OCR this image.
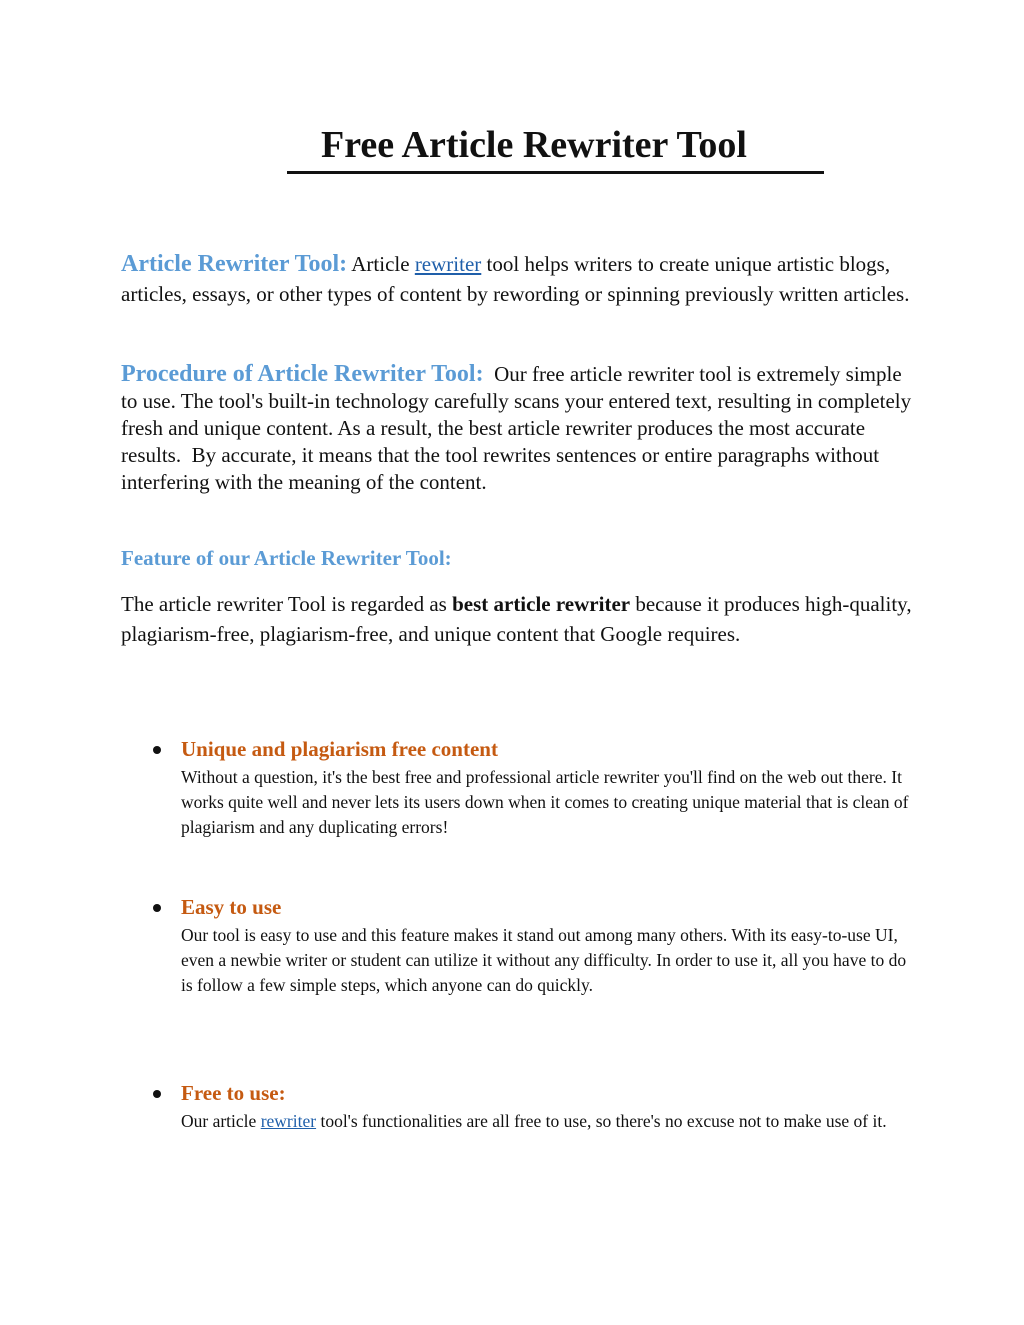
Free Article Rewriter Tool

Article Rewriter Tool: Article rewriter tool helps writers to create unique artistic blogs, articles, essays, or other types of content by rewording or spinning previously written articles.

Procedure of Article Rewriter Tool:  Our free article rewriter tool is extremely simple to use. The tool's built-in technology carefully scans your entered text, resulting in completely fresh and unique content. As a result, the best article rewriter produces the most accurate results.  By accurate, it means that the tool rewrites sentences or entire paragraphs without interfering with the meaning of the content.

Feature of our Article Rewriter Tool:

The article rewriter Tool is regarded as best article rewriter because it produces high-quality, plagiarism-free, plagiarism-free, and unique content that Google requires.

Unique and plagiarism free content

Without a question, it's the best free and professional article rewriter you'll find on the web out there. It works quite well and never lets its users down when it comes to creating unique material that is clean of plagiarism and any duplicating errors!

Easy to use

Our tool is easy to use and this feature makes it stand out among many others. With its easy-to-use UI, even a newbie writer or student can utilize it without any difficulty. In order to use it, all you have to do is follow a few simple steps, which anyone can do quickly.

Free to use:

Our article rewriter tool's functionalities are all free to use, so there's no excuse not to make use of it.
